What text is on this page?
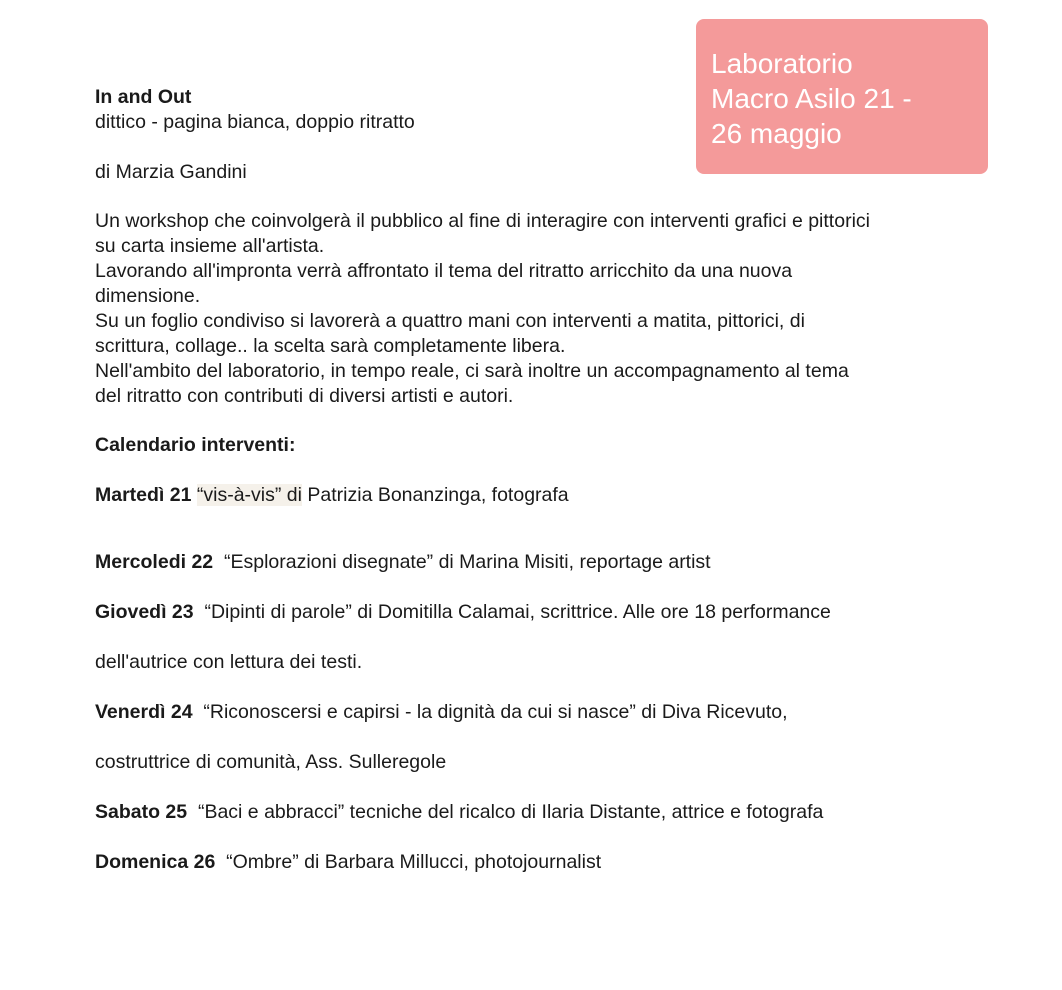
Laboratorio
Macro Asilo 21 -
26 maggio
In and Out
dittico - pagina bianca, doppio ritratto
di Marzia Gandini
Un workshop che coinvolgerà il pubblico al fine di interagire con interventi grafici e pittorici
su carta insieme all'artista.
Lavorando all'impronta verrà affrontato il tema del ritratto arricchito da una nuova
dimensione.
Su un foglio condiviso si lavorerà a quattro mani con interventi a matita, pittorici, di
scrittura, collage.. la scelta sarà completamente libera.
Nell'ambito del laboratorio, in tempo reale, ci sarà inoltre un accompagnamento al tema
del ritratto con contributi di diversi artisti e autori.
Calendario interventi:
Martedì 21 “vis-à-vis” di Patrizia Bonanzinga, fotografa
Mercoledi 22  “Esplorazioni disegnate” di Marina Misiti, reportage artist
Giovedì 23  “Dipinti di parole” di Domitilla Calamai, scrittrice. Alle ore 18 performance
dell'autrice con lettura dei testi.
Venerdì 24  “Riconoscersi e capirsi - la dignità da cui si nasce” di Diva Ricevuto,
costruttrice di comunità, Ass. Sulleregole
Sabato 25  “Baci e abbracci” tecniche del ricalco di Ilaria Distante, attrice e fotografa
Domenica 26  “Ombre” di Barbara Millucci, photojournalist
